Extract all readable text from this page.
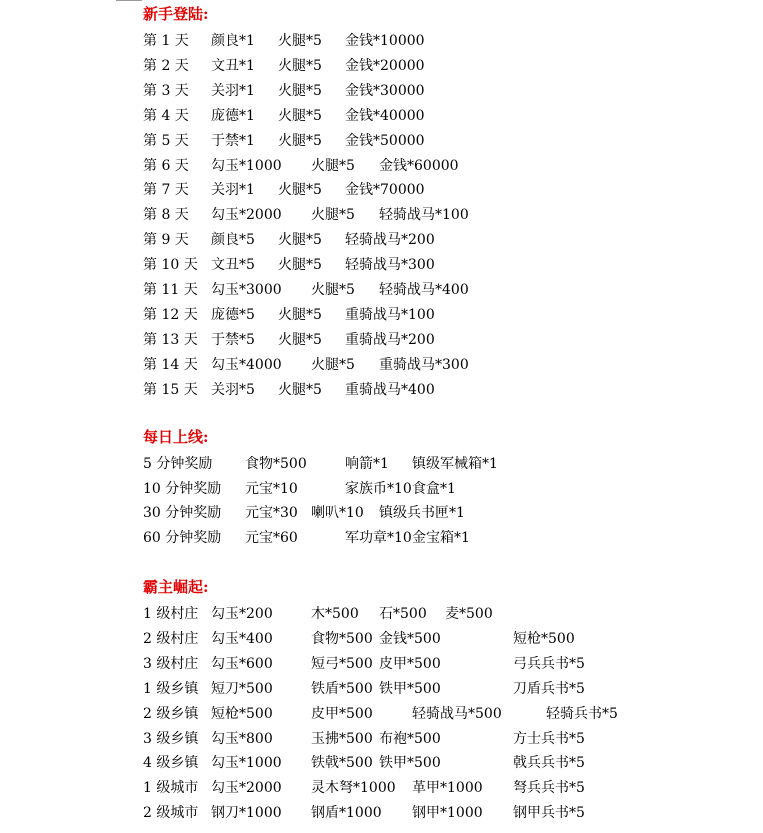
新手登陆:
第 1 天 颜良*1 火腿*5 金钱*10000
第 2 天 文丑*1 火腿*5 金钱*20000
第 3 天 关羽*1 火腿*5 金钱*30000
第 4 天 庞德*1 火腿*5 金钱*40000
第 5 天 于禁*1 火腿*5 金钱*50000
第 6 天 勾玉*1000 火腿*5 金钱*60000
第 7 天 关羽*1 火腿*5 金钱*70000
第 8 天 勾玉*2000 火腿*5 轻骑战马*100
第 9 天 颜良*5 火腿*5 轻骑战马*200
第 10 天 文丑*5 火腿*5 轻骑战马*300
第 11 天 勾玉*3000 火腿*5 轻骑战马*400
第 12 天 庞德*5 火腿*5 重骑战马*100
第 13 天 于禁*5 火腿*5 重骑战马*200
第 14 天 勾玉*4000 火腿*5 重骑战马*300
第 15 天 关羽*5 火腿*5 重骑战马*400
每日上线:
5 分钟奖励 食物*500	响箭*1 镇级军械箱*1
10 分钟奖励 元宝*10	家族币*10 食盒*1
30 分钟奖励 元宝*30 喇叭*10 镇级兵书匣*1
60 分钟奖励 元宝*60	军功章*10 金宝箱*1
霸主崛起:
1 级村庄 勾玉*200	木*500 石*500 麦*500
2 级村庄 勾玉*400	食物*500 金钱*500	短枪*500
3 级村庄 勾玉*600	短弓*500 皮甲*500	弓兵兵书*5
1 级乡镇 短刀*500	铁盾*500 铁甲*500	刀盾兵书*5
2 级乡镇 短枪*500	皮甲*500	轻骑战马*500	轻骑兵书*5
3 级乡镇 勾玉*800	玉拂*500 布袍*500	方士兵书*5
4 级乡镇 勾玉*1000 铁戟*500 铁甲*500	戟兵兵书*5
1 级城市 勾玉*2000 灵木弩*1000 革甲*1000 弩兵兵书*5
2 级城市 钢刀*1000 钢盾*1000 钢甲*1000 钢甲兵书*5
